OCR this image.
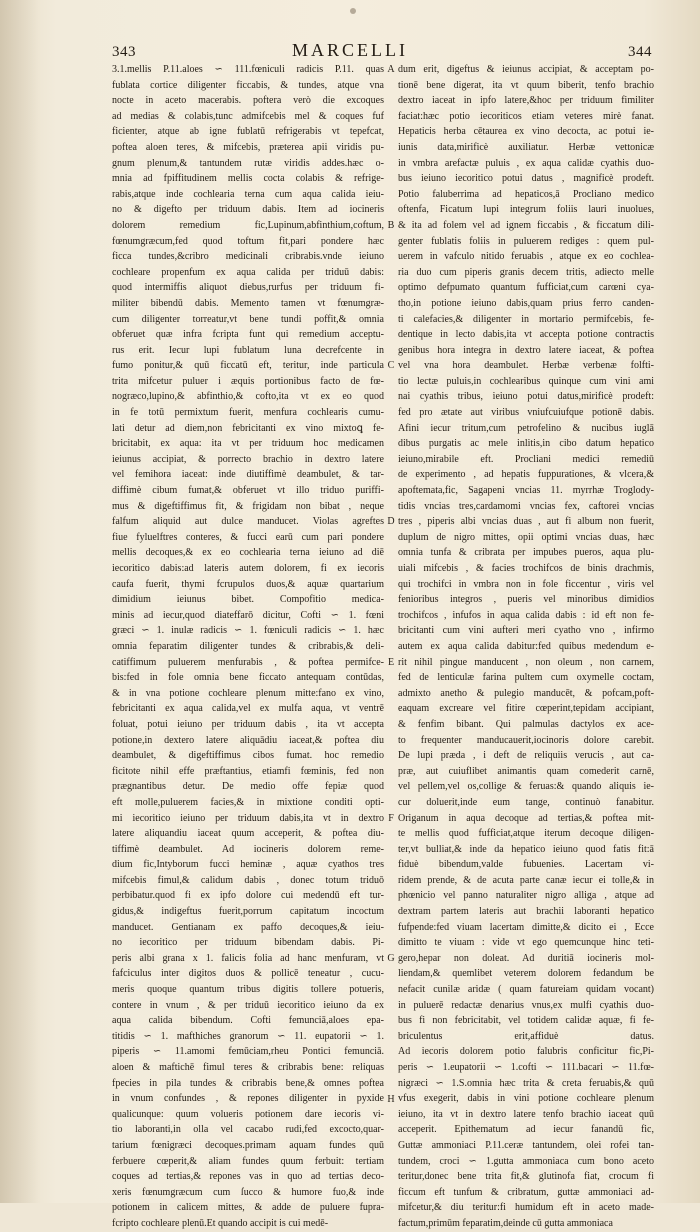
343	MARCELLI	344
3.1.mellis P.11.aloes ∽ 111.fœniculi radicis P.11. quas
fublata cortice diligenter ficcabis, & tundes, atque vna
nocte in aceto macerabis. poftera verò die excoques
ad medias & colabis,tunc admifcebis mel & coques fuf
ficienter, atque ab igne fublatū refrigerabis vt tepefcat,
poftea aloen teres, & mifcebis, præterea apii viridis pu-
gnum plenum,& tantundem rutæ viridis addes.hæc o-
mnia ad fpiffitudinem mellis cocta colabis & refrige-
rabis,atque inde cochlearia terna cum aqua calida ieiu-
no & digefto per triduum dabis. Item ad iocineris
dolorem remedium fic,Lupinum,abfinthium,coftum,
fœnumgræcum,fed quod toftum fit,pari pondere hæc
ficca tundes,&cribro medicinali cribrabis.vnde ieiuno
cochleare propenfum ex aqua calida per triduū dabis:
quod intermiffis aliquot diebus,rurfus per triduum fi-
militer bibendū dabis. Memento tamen vt fœnumgræ-
cum diligenter torreatur,vt bene tundi poffit,& omnia
obferuet quæ infra fcripta funt qui remedium acceptu-
rus erit. Iecur lupi fublatum luna decrefcente in
fumo ponitur,& quū ficcatū eft, teritur, inde particula
trita mifcetur puluer i æquis portionibus facto de fœ-
nogræco,lupino,& abfinthio,& cofto,ita vt ex eo quod
in fe totū permixtum fuerit, menfura cochlearis cumu-
lati detur ad diem,non febricitanti ex vino mixtoꝗ fe-
bricitabit, ex aqua: ita vt per triduum hoc medicamen
ieiunus accipiat, & porrecto brachio in dextro latere
vel femihora iaceat: inde diutiffimè deambulet, & tar-
diffimè cibum fumat,& obferuet vt illo triduo puriffi-
mus & digeftiffimus fit, & frigidam non bibat , neque
falfum aliquid aut dulce manducet. Violas agreftes
fiue fyluelftres conteres, & fucci earū cum pari pondere
mellis decoques,& ex eo cochlearia terna ieiuno ad diē
iecoritico dabis:ad lateris autem dolorem, fi ex iecoris
caufa fuerit, thymi fcrupulos duos,& aquæ quartarium
dimidium ieiunus bibet. Compofitio medica-
minis ad iecur,quod diateffarō dicitur, Cofti ∽ 1. fœni
græci ∽ 1. inulæ radicis ∽ 1. fœniculi radicis ∽ 1. hæc
omnia feparatim diligenter tundes & cribrabis,& deli-
catiffimum puluerem menfurabis , & poftea permifce-
bis:fed in fole omnia bene ficcato antequam contūdas,
& in vna potione cochleare plenum mitte:fano ex vino,
febricitanti ex aqua calida,vel ex mulfa aqua, vt ventrē
foluat, potui ieiuno per triduum dabis , ita vt accepta
potione,in dextero latere aliquādiu iaceat,& poftea diu
deambulet, & digeftiffimus cibos fumat. hoc remedio
ficitote nihil effe præftantius, etiamfi fœminis, fed non
prægnantibus detur. De medio offe fepiæ quod
eft molle,puluerem facies,& in mixtione conditi opti-
mi iecoritico ieiuno per triduum dabis,ita vt in dextro
latere aliquandiu iaceat quum acceperit, & poftea diu-
tiffimè deambulet. Ad iocineris dolorem reme-
dium fic,Intyborum fucci heminæ , aquæ cyathos tres
mifcebis fimul,& calidum dabis , donec totum triduō
perbibatur.quod fi ex ipfo dolore cui medendū eft tur-
gidus,& indigeftus fuerit,porrum capitatum incoctum
manducet. Gentianam ex paffo decoques,& ieiu-
no iecoritico per triduum bibendam dabis. Pi-
peris albi grana x 1. falicis folia ad hanc menfuram, vt
fafciculus inter digitos duos & pollicē teneatur , cucu-
meris quoque quantum tribus digitis tollere potueris,
contere in vnum , & per triduū iecoritico ieiuno da ex
aqua calida bibendum. Cofti femunciā,aloes epa-
titidis ∽ 1. mafthiches granorum ∽ 11. eupatorii ∽ 1.
piperis ∽ 11.amomi femūciam,rheu Pontici femunciā.
aloen & maftichē fimul teres & cribrabis bene: reliquas
fpecies in pila tundes & cribrabis bene,& omnes poftea
in vnum confundes , & repones diligenter in pyxide
qualicunque: quum volueris potionem dare iecoris vi-
tio laboranti,in olla vel cacabo rudi,fed excocto,quar-
tarium fœnigræci decoques.primam aquam fundes quū
ferbuere cœperit,& aliam fundes quum ferbuit: tertiam
coques ad tertias,& repones vas in quo ad tertias deco-
xeris fœnumgræcum cum ſucco & humore fuo,& inde
potionem in calicem mittes, & adde de puluere fupra-
fcripto cochleare plenū.Et quando accipit is cui medē-
A
B
C
D
E
F
G
H
dum erit, digeftus & ieiunus accipiat, & acceptam po-
tionē bene digerat, ita vt quum biberit, tenfo brachio
dextro iaceat in ipfo latere,&hoc per triduum fimiliter
faciat:hæc potio iecoriticos etiam veteres mirè fanat.
Hepaticis herba cētaurea ex vino decocta, ac potui ie-
iunis data,mirificè auxiliatur. Herbæ vettonicæ
in vmbra arefactæ puluis , ex aqua calidæ cyathis duo-
bus ieiuno iecoritico potui datus , magnificè prodeft.
Potio faluberrima ad hepaticos,ā Procliano medico
oftenfa, Ficatum lupi integrum foliis lauri inuolues,
& ita ad folem vel ad ignem ficcabis , & ficcatum dili-
genter fublatis foliis in puluerem rediges : quem pul-
uerem in vafculo nitido feruabis , atque ex eo cochlea-
ria duo cum piperis granis decem tritis, adiecto melle
optimo defpumato quantum fufficiat,cum carœni cya-
tho,in potione ieiuno dabis,quam prius ferro canden-
ti calefacies,& diligenter in mortario permifcebis, fe-
dentique in lecto dabis,ita vt accepta potione contractis
genibus hora integra in dextro latere iaceat, & poftea
vel vna hora deambulet. Herbæ verbenæ folfti-
tio lectæ puluis,in cochlearibus quinque cum vini ami
nai cyathis tribus, ieiuno potui datus,mirificè prodeft:
fed pro ætate aut viribus vniufcuiufque potionē dabis.
Afini iecur tritum,cum petrofelino & nucibus iuglā
dibus purgatis ac mele inlitis,in cibo datum hepatico
ieiuno,mirabile eft. Procliani medici remediū
de experimento , ad hepatis fuppurationes, & vlcera,&
apoftemata,fic, Sagapeni vncias 11. myrrhæ Troglody-
tidis vncias tres,cardamomi vncias fex, caftorei vncias
tres , piperis albi vncias duas , aut fi album non fuerit,
duplum de nigro mittes, opii optimi vncias duas, hæc
omnia tunfa & cribrata per impubes pueros, aqua plu-
uiali mifcebis , & facies trochifcos de binis drachmis,
qui trochifci in vmbra non in fole ficcentur , viris vel
fenioribus integros , pueris vel minoribus dimidios
trochifcos , infufos in aqua calida dabis : id eft non fe-
bricitanti cum vini aufteri meri cyatho vno , infirmo
autem ex aqua calida dabitur:fed quibus medendum e-
rit nihil pingue manducent , non oleum , non carnem,
fed de lenticulæ farina pultem cum oxymelle coctam,
admixto anetho & pulegio manducēt, & pofcam,poft-
eaquam excreare vel fitire cœperint,tepidam accipiant,
& fenfim bibant. Qui palmulas dactylos ex ace-
to frequenter manducauerit,iocinoris dolore carebit.
De lupi præda , i deft de reliquiis verucis , aut ca-
præ, aut cuiuflibet animantis quam comederit carnē,
vel pellem,vel os,collige & feruas:& quando aliquis ie-
cur doluerit,inde eum tange, continuò fanabitur.
Origanum in aqua decoque ad tertias,& poftea mit-
te mellis quod fufficiat,atque iterum decoque diligen-
ter,vt bulliat,& inde da hepatico ieiuno quod fatis fit:ā
fiduè bibendum,valde fubuenies. Lacertam vi-
ridem prende, & de acuta parte canæ iecur ei tolle,& in
phœnicio vel panno naturaliter nigro alliga , atque ad
dextram partem lateris aut brachii laboranti hepatico
fufpende:fed viuam lacertam dimitte,& dicito ei , Ecce
dimitto te viuam : vide vt ego quemcunque hinc teti-
gero,hepar non doleat. Ad duritiā iocineris mol-
liendam,& quemlibet veterem dolorem fedandum be
nefacit cunilæ aridæ ( quam fatureiam quidam vocant)
in puluerē redactæ denarius vnus,ex mulfi cyathis duo-
bus fi non febricitabit, vel totidem calidæ aquæ, fi fe-
briculentus erit,affiduè datus.
Ad iecoris dolorem potio falubris conficitur fic,Pi-
peris ∽ 1.eupatorii ∽ 1.cofti ∽ 111.bacari ∽ 11.fœ-
nigræci ∽ 1.S.omnia hæc trita & creta feruabis,& quū
vfus exegerit, dabis in vini potione cochleare plenum
ieiuno, ita vt in dextro latere tenfo brachio iaceat quū
acceperit. Epithematum ad iecur fanandū fic,
Guttæ ammoniaci P.11.ceræ tantundem, olei rofei tan-
tundem, croci ∽ 1.gutta ammoniaca cum bono aceto
teritur,donec bene trita fit,& glutinofa fiat, crocum fi
ficcum eft tunfum & cribratum, guttæ ammoniaci ad-
mifcetur,& diu teritur:fi humidum eft in aceto made-
factum,primūm feparatim,deinde cū gutta ammoniaca
